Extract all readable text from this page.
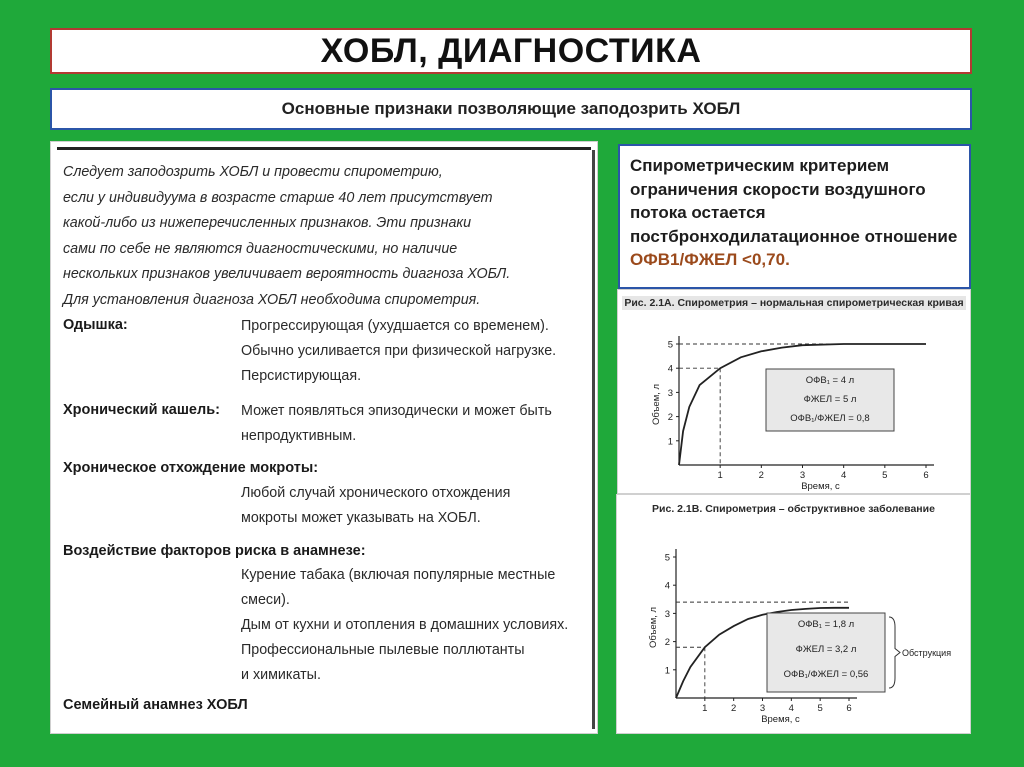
ХОБЛ, ДИАГНОСТИКА
Основные признаки позволяющие заподозрить ХОБЛ
Следует заподозрить ХОБЛ и провести спирометрию,
если у индивидуума в возрасте старше 40 лет присутствует
какой-либо из нижеперечисленных признаков. Эти признаки
сами по себе не являются диагностическими, но наличие
нескольких признаков увеличивает вероятность диагноза ХОБЛ.
Для установления диагноза ХОБЛ необходима спирометрия.
Одышка:	Прогрессирующая (ухудшается со временем).
Обычно усиливается при физической нагрузке.
Персистирующая.
Хронический кашель: Может появляться эпизодически и может быть
непродуктивным.
Хроническое отхождение мокроты:
Любой случай хронического отхождения
мокроты может указывать на ХОБЛ.
Воздействие факторов риска в анамнезе:
Курение табака (включая популярные местные
смеси).
Дым от кухни и отопления в домашних условиях.
Профессиональные пылевые поллютанты
и химикаты.
Семейный анамнез ХОБЛ
Спирометрическим критерием ограничения скорости воздушного потока остается постбронходилатационное отношение ОФВ1/ФЖЕЛ <0,70.
Рис. 2.1А. Спирометрия – нормальная спирометрическая кривая
1
2
3
4
5
1	2	3	4	5	6
Время, с
Объем, л
ОФВ₁ = 4 л
ФЖЕЛ = 5 л
ОФВ₁/ФЖЕЛ = 0,8
Рис. 2.1В. Спирометрия – обструктивное заболевание
1
2
3
4
5
1 2 3 4 5 6
Время, с
Объем, л	ОФВ₁ = 1,8 л
ФЖЕЛ = 3,2 л
ОФВ₁/ФЖЕЛ = 0,56
Обструкция
